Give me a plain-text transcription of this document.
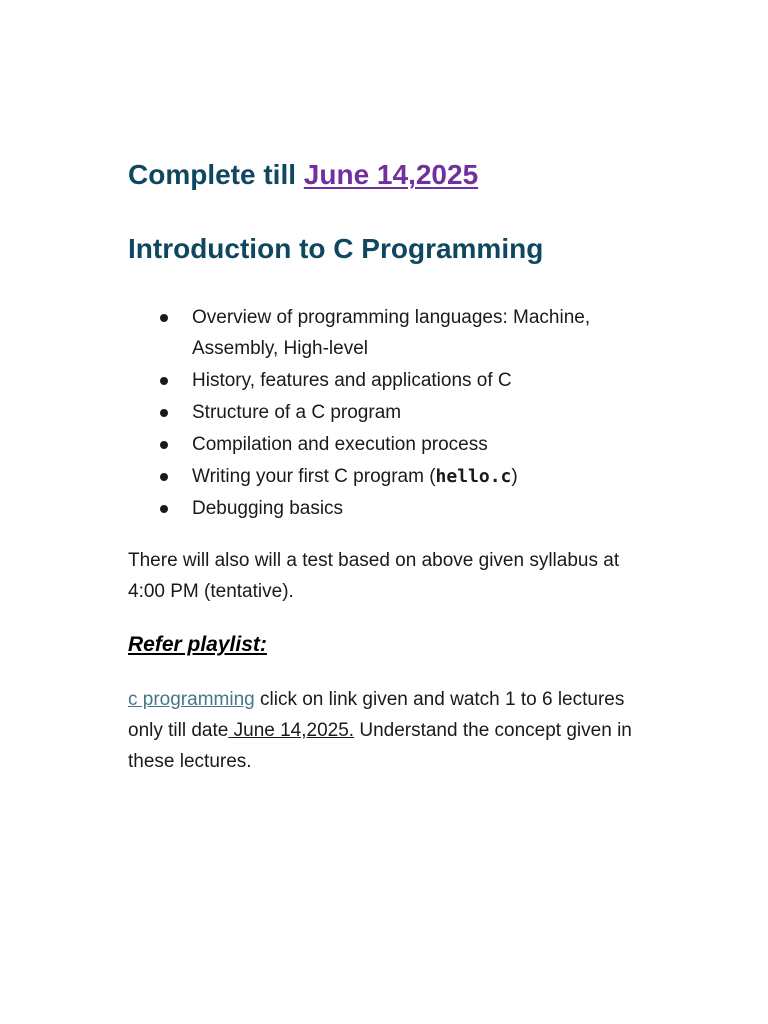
Complete till June 14,2025
Introduction to C Programming
Overview of programming languages: Machine, Assembly, High-level
History, features and applications of C
Structure of a C program
Compilation and execution process
Writing your first C program (hello.c)
Debugging basics

There will also will a test based on above given syllabus at 4:00 PM (tentative).

Refer playlist:

c programming click on link given and watch 1 to 6 lectures only till date June 14,2025. Understand the concept given in these lectures.
